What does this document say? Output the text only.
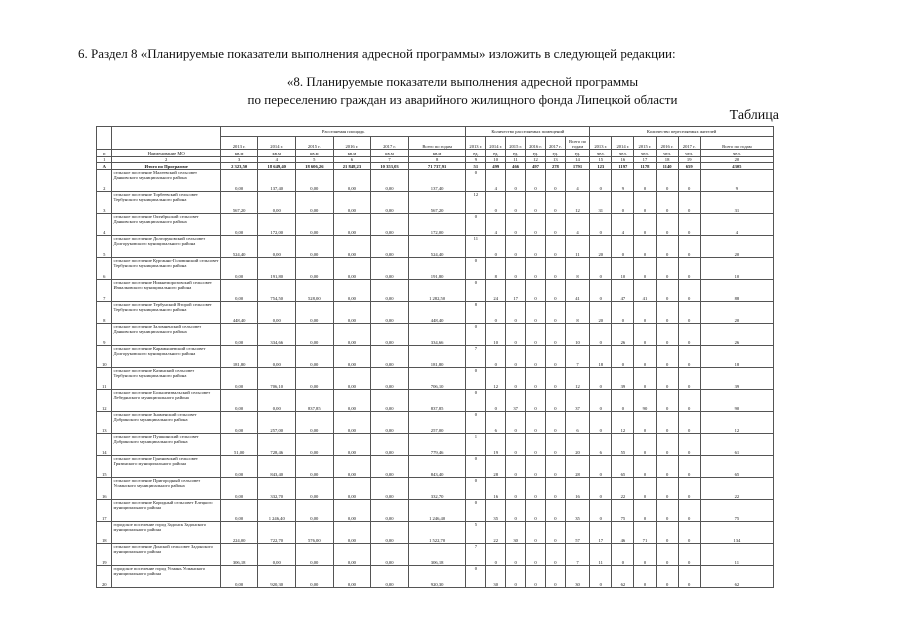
6. Раздел 8 «Планируемые показатели выполнения адресной программы» изложить в следующей редакции:
«8. Планируемые показатели выполнения адресной программы
по переселению граждан из аварийного жилищного фонда Липецкой области
Таблица
		Расселяемая площадь						Количество расселяемых помещений						Количество переселяемых жителей					
		2013 г.	2014 г.	2015 г.	2016 г.	2017 г.	Всего по годам	2013 г.	2014 г.	2015 г.	2016 г.	2017 г.	Всего по годам	2013 г.	2014 г.	2015 г.	2016 г.	2017 г.	Всего по годам
п	Наименование МО	кв.м	кв.м	кв.м	кв.м	кв.м	кв.м	ед.	ед.	ед.	ед.	ед.	ед.	чел.	чел.	чел.	чел.	чел.	чел.
1	2	3	4	5	6	7	8	9	10	11	12	13	14	15	16	17	18	19	20
А	Итого по Программе	2 323,50	18 649,40	18 606,26	21 848,23	10 353,03	71 737,91	51	499	466	497	278	1791	123	1197	1178	1140	659	4305
2	сельское поселение Малеевский сельсовет Данковского муниципального района	0,00	137,40	0,00	0,00	0,00	137,40	0	4	0	0	0	4	0	9	0	0	0	9
3	сельское поселение Торбеевский сельсовет Тербунского муниципального района	567,20	0,00	0,00	0,00	0,00	567,20	12	0	0	0	0	12	31	0	0	0	0	31
4	сельское поселение Октябрьский сельсовет Данковского муниципального района	0,00	172,00	0,00	0,00	0,00	172,00	0	4	0	0	0	4	0	4	0	0	0	4
5	сельское поселение Долгоруковский сельсовет Долгоруковского муниципального района	524,40	0,00	0,00	0,00	0,00	524,40	11	0	0	0	0	11	20	0	0	0	0	20
6	сельское поселение Курганно-Головинский сельсовет Тербунского муниципального района	0,00	191,80	0,00	0,00	0,00	191,80	0	8	0	0	0	8	0	10	0	0	0	10
7	сельское поселение Нижнеморозовский сельсовет Измалковского муниципального района	0,00	754,50	528,00	0,00	0,00	1 282,50	0	24	17	0	0	41	0	47	41	0	0	88
8	сельское поселение Тербунский Второй сельсовет Тербунского муниципального района	448,40	0,00	0,00	0,00	0,00	448,40	8	0	0	0	0	8	20	0	0	0	0	20
9	сельское поселение Заломненский сельсовет Данковского муниципального района	0,00	334,66	0,00	0,00	0,00	334,66	0	10	0	0	0	10	0	26	0	0	0	26
10	сельское поселение Карамышевский сельсовет Долгоруковского муниципального района	181,80	0,00	0,00	0,00	0,00	181,80	7	0	0	0	0	7	18	0	0	0	0	18
11	сельское поселение Казинский сельсовет Тербунского муниципального района	0,00	706,10	0,00	0,00	0,00	706,10	0	12	0	0	0	12	0	39	0	0	0	39
12	сельское поселение Большеизвальский сельсовет Лебедянского муниципального района	0,00	0,00	837,85	0,00	0,00	837,85	0	0	37	0	0	37	0	0	90	0	0	90
13	сельское поселение Знаменский сельсовет Добринского муниципального района	0,00	257,00	0,00	0,00	0,00	257,00	0	6	0	0	0	6	0	12	0	0	0	12
14	сельское поселение Пушкинский сельсовет Добринского муниципального района	51,00	728,46	0,00	0,00	0,00	779,46	1	19	0	0	0	20	6	55	0	0	0	61
15	сельское поселение Грязновский сельсовет Грязинского муниципального района	0,00	843,40	0,00	0,00	0,00	843,40	0	28	0	0	0	28	0	65	0	0	0	65
16	сельское поселение Пригородный сельсовет Усманского муниципального района	0,00	332,70	0,00	0,00	0,00	332,70	0	16	0	0	0	16	0	22	0	0	0	22
17	сельское поселение Коридный сельсовет Елецкого муниципального района	0,00	1 246,40	0,00	0,00	0,00	1 246,40	0	35	0	0	0	35	0	75	0	0	0	75
18	городское поселение город Задонск Задонского муниципального района	224,00	722,70	576,00	0,00	0,00	1 522,70	5	22	30	0	0	57	17	46	71	0	0	134
19	сельское поселение Донской сельсовет Задонского муниципального района	306,18	0,00	0,00	0,00	0,00	306,18	7	0	0	0	0	7	11	0	0	0	0	11
20	городское поселение город Усмань Усманского муниципального района	0,00	920,30	0,00	0,00	0,00	920,30	0	30	0	0	0	30	0	62	0	0	0	62
